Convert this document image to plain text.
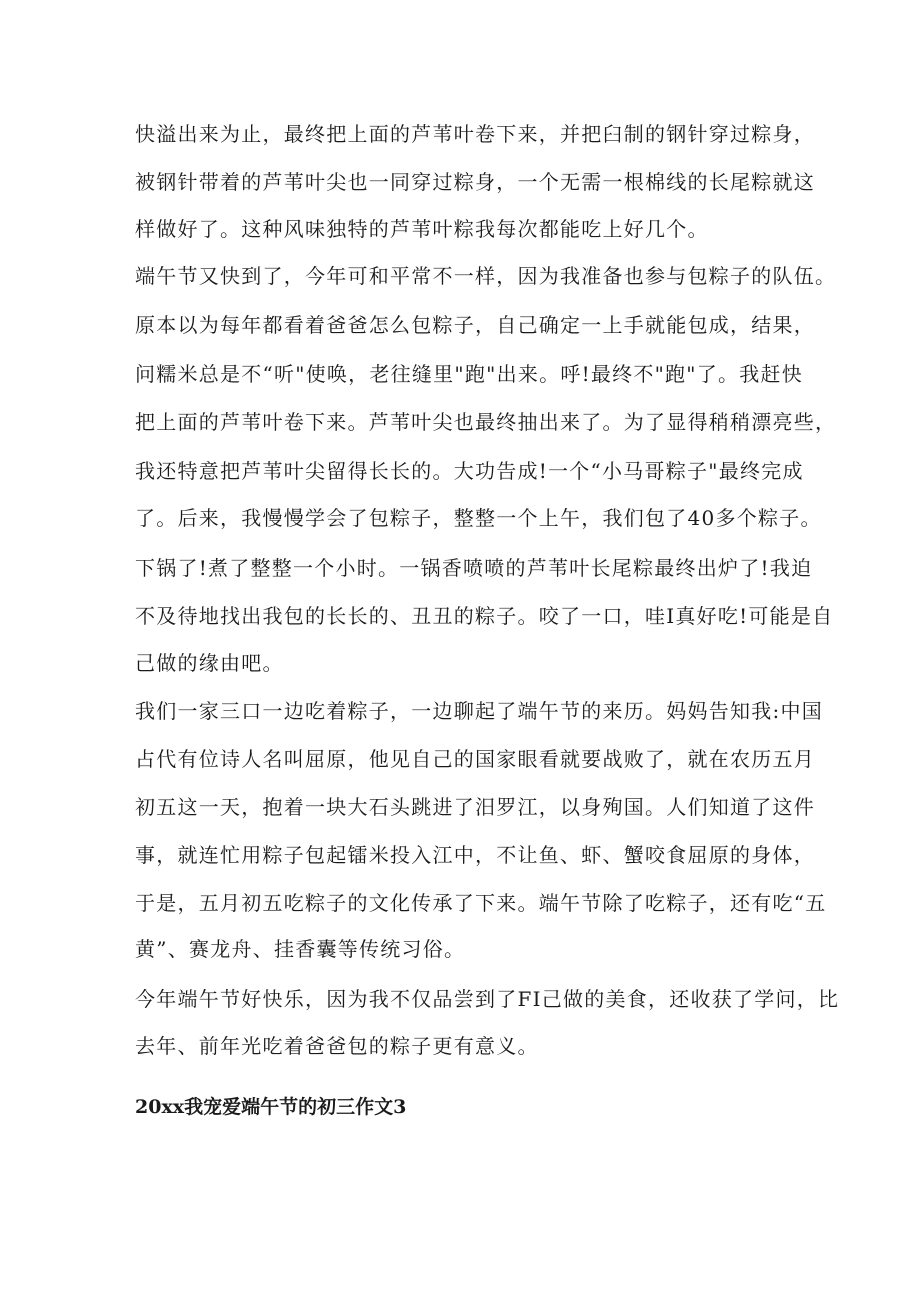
快溢出来为止，最终把上面的芦苇叶卷下来，并把臼制的钢针穿过粽身，
被钢针带着的芦苇叶尖也一同穿过粽身，一个无需一根棉线的长尾粽就这
样做好了。这种风味独特的芦苇叶粽我每次都能吃上好几个。
端午节又快到了，今年可和平常不一样，因为我准备也参与包粽子的队伍。
原本以为每年都看着爸爸怎么包粽子，自己确定一上手就能包成，结果，
问糯米总是不“听"使唤，老往缝里"跑"出来。呼!最终不"跑"了。我赶快
把上面的芦苇叶卷下来。芦苇叶尖也最终抽出来了。为了显得稍稍漂亮些，
我还特意把芦苇叶尖留得长长的。大功告成!一个“小马哥粽子"最终完成
了。后来，我慢慢学会了包粽子，整整一个上午，我们包了40多个粽子。
下锅了!煮了整整一个小时。一锅香喷喷的芦苇叶长尾粽最终出炉了!我迫
不及待地找出我包的长长的、丑丑的粽子。咬了一口，哇I真好吃!可能是自
己做的缘由吧。
我们一家三口一边吃着粽子，一边聊起了端午节的来历。妈妈告知我:中国
占代有位诗人名叫屈原，他见自己的国家眼看就要战败了，就在农历五月
初五这一天，抱着一块大石头跳进了汨罗江，以身殉国。人们知道了这件
事，就连忙用粽子包起镭米投入江中，不让鱼、虾、蟹咬食屈原的身体，
于是，五月初五吃粽子的文化传承了下来。端午节除了吃粽子，还有吃“五
黄”、赛龙舟、挂香囊等传统习俗。
今年端午节好快乐，因为我不仅品尝到了FI己做的美食，还收获了学问，比
去年、前年光吃着爸爸包的粽子更有意义。
20xx我宠爱端午节的初三作文3
